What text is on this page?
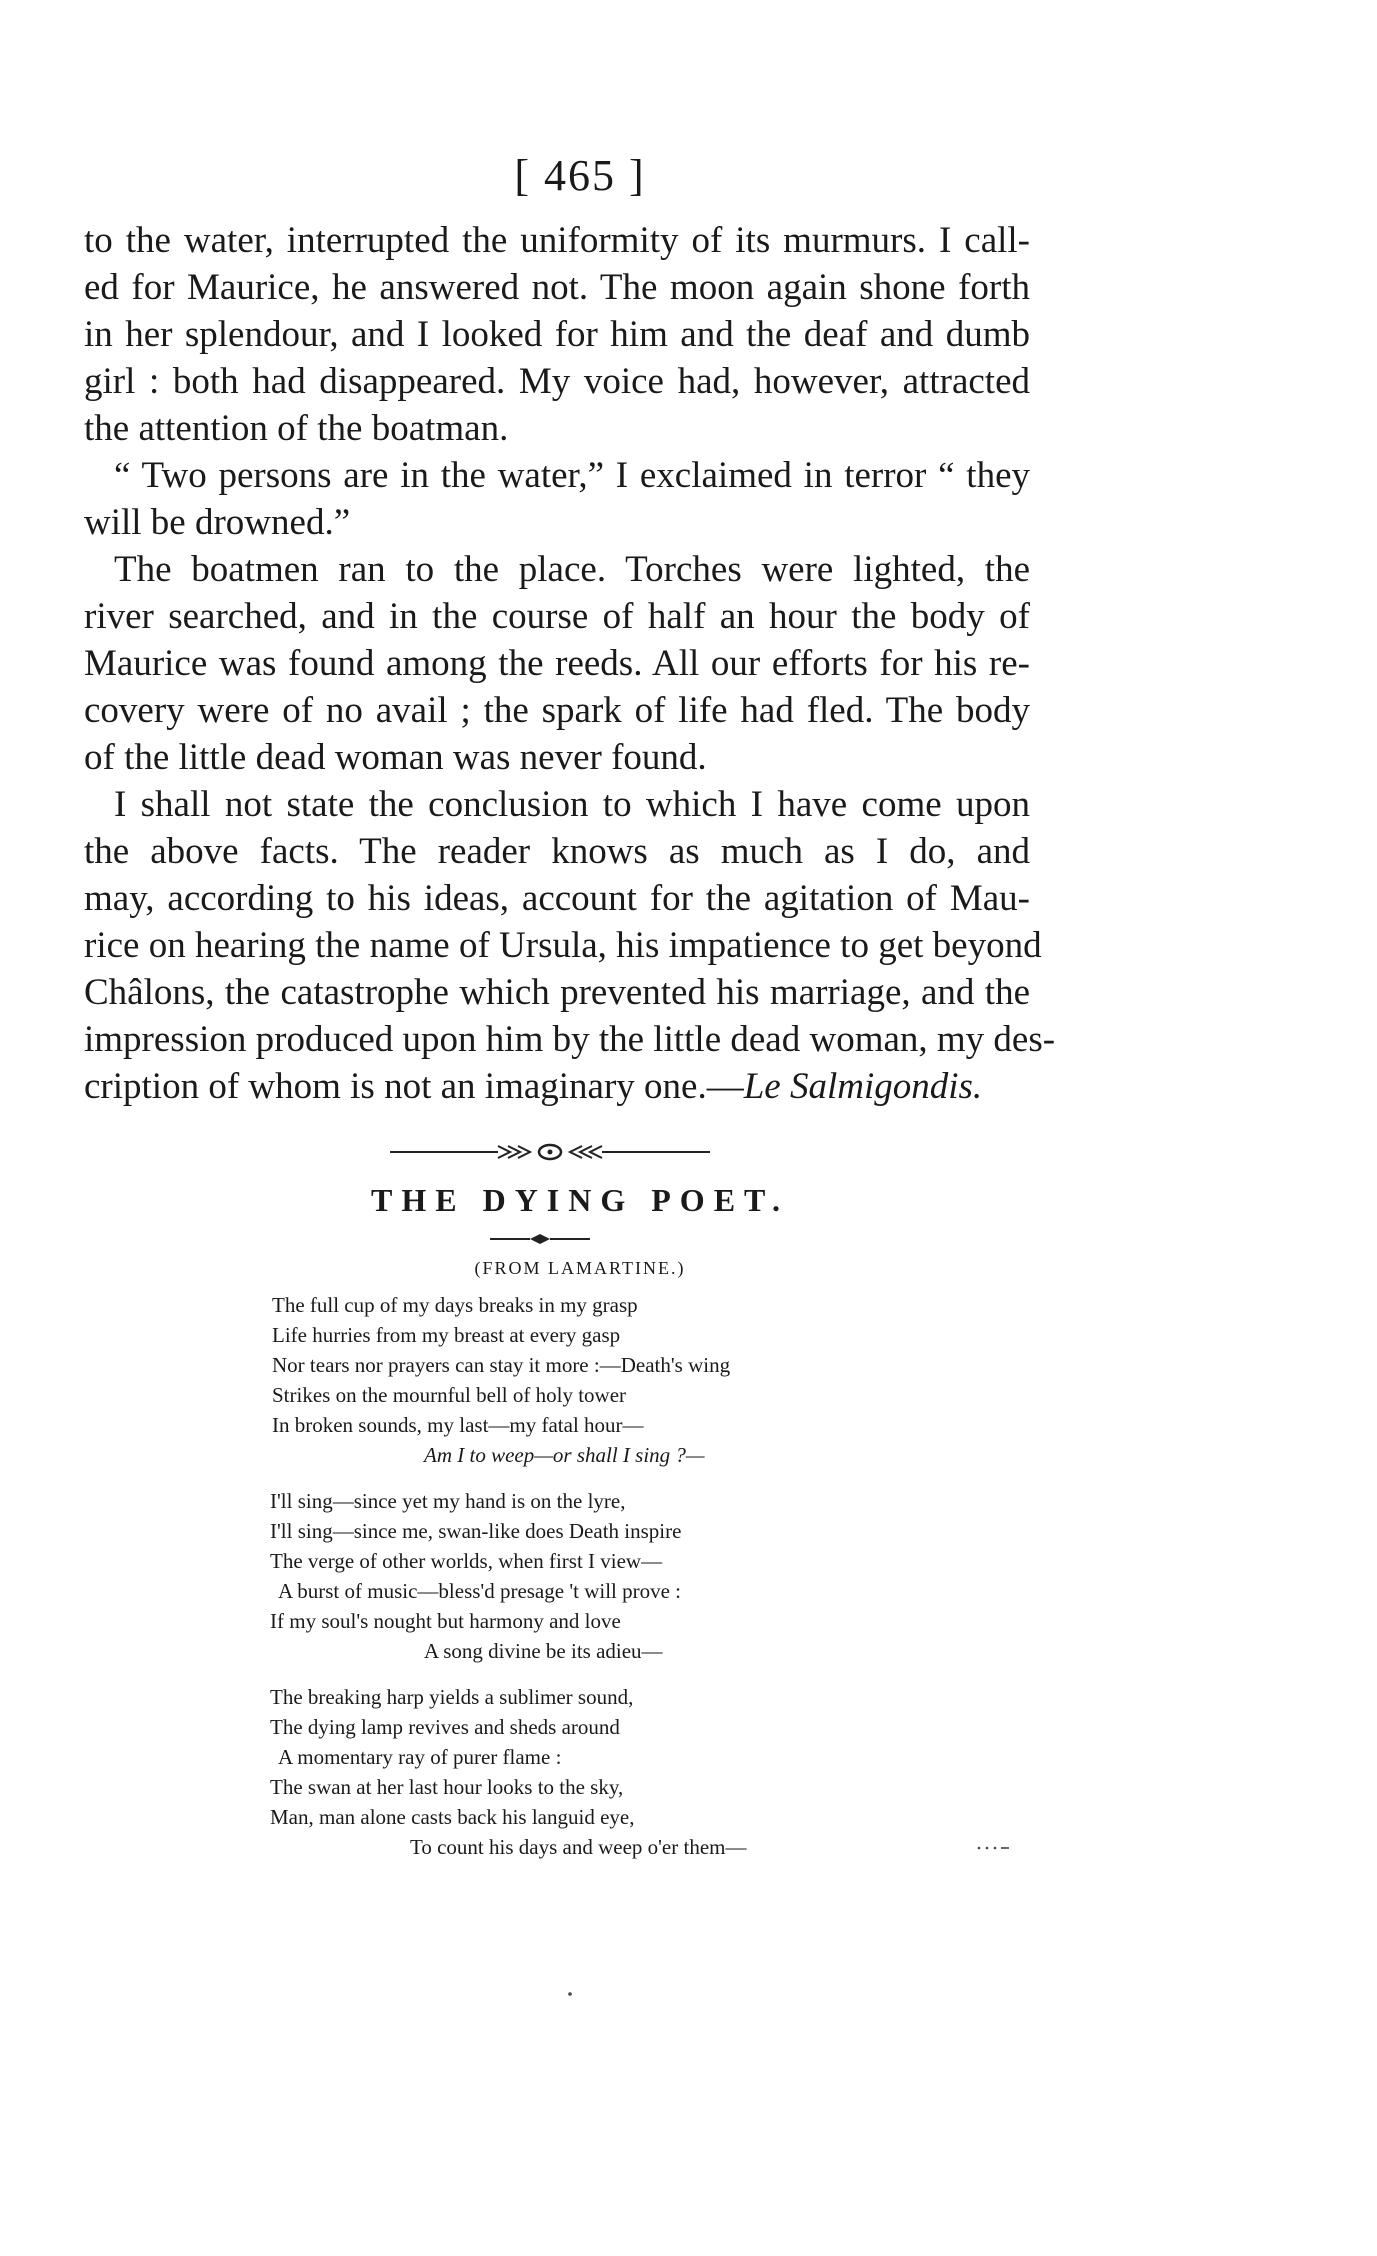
[ 465 ]
to the water, interrupted the uniformity of its murmurs. I call-
ed for Maurice, he answered not. The moon again shone forth
in her splendour, and I looked for him and the deaf and dumb
girl : both had disappeared. My voice had, however, attracted
the attention of the boatman.
“ Two persons are in the water,” I exclaimed in terror “ they
will be drowned.”
The boatmen ran to the place. Torches were lighted, the
river searched, and in the course of half an hour the body of
Maurice was found among the reeds. All our efforts for his re-
covery were of no avail ; the spark of life had fled. The body
of the little dead woman was never found.
I shall not state the conclusion to which I have come upon
the above facts. The reader knows as much as I do, and
may, according to his ideas, account for the agitation of Mau-
rice on hearing the name of Ursula, his impatience to get beyond
Châlons, the catastrophe which prevented his marriage, and the
impression produced upon him by the little dead woman, my des-
cription of whom is not an imaginary one.—Le Salmigondis.
THE DYING POET.
(FROM LAMARTINE.)
The full cup of my days breaks in my grasp
Life hurries from my breast at every gasp
Nor tears nor prayers can stay it more :—Death's wing
Strikes on the mournful bell of holy tower
In broken sounds, my last—my fatal hour—
Am I to weep—or shall I sing ?—
I'll sing—since yet my hand is on the lyre,
I'll sing—since me, swan-like does Death inspire
The verge of other worlds, when first I view—
A burst of music—bless'd presage 't will prove :
If my soul's nought but harmony and love
A song divine be its adieu—
The breaking harp yields a sublimer sound,
The dying lamp revives and sheds around
A momentary ray of purer flame :
The swan at her last hour looks to the sky,
Man, man alone casts back his languid eye,
To count his days and weep o'er them—
